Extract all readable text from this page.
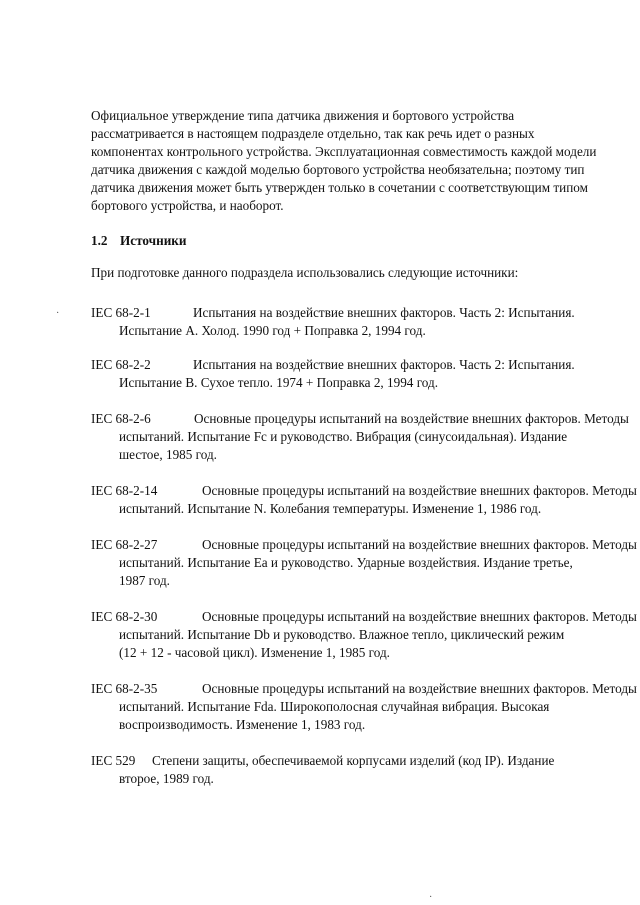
Официальное утверждение типа датчика движения и бортового устройства
рассматривается в настоящем подразделе отдельно, так как речь идет о разных
компонентах контрольного устройства. Эксплуатационная совместимость каждой модели
датчика движения с каждой моделью бортового устройства необязательна; поэтому тип
датчика движения может быть утвержден только в сочетании с соответствующим типом
бортового устройства, и наоборот.

1.2 Источники

При подготовке данного подраздела использовались следующие источники:

IEC 68-2-1	Испытания на воздействие внешних факторов. Часть 2: Испытания.
Испытание A. Холод. 1990 год + Поправка 2, 1994 год.
IEC 68-2-2	Испытания на воздействие внешних факторов. Часть 2: Испытания.
Испытание B. Сухое тепло. 1974 + Поправка 2, 1994 год.
IEC 68-2-6	Основные процедуры испытаний на воздействие внешних факторов. Методы
испытаний. Испытание Fc и руководство. Вибрация (синусоидальная). Издание
шестое, 1985 год.
IEC 68-2-14	Основные процедуры испытаний на воздействие внешних факторов. Методы
испытаний. Испытание N. Колебания температуры. Изменение 1, 1986 год.
IEC 68-2-27	Основные процедуры испытаний на воздействие внешних факторов. Методы
испытаний. Испытание Ea и руководство. Ударные воздействия. Издание третье,
1987 год.
IEC 68-2-30	Основные процедуры испытаний на воздействие внешних факторов. Методы
испытаний. Испытание Db и руководство. Влажное тепло, циклический режим
(12 + 12 - часовой цикл). Изменение 1, 1985 год.
IEC 68-2-35	Основные процедуры испытаний на воздействие внешних факторов. Методы
испытаний. Испытание Fda. Широкополосная случайная вибрация. Высокая
воспроизводимость. Изменение 1, 1983 год.
IEC 529 Степени защиты, обеспечиваемой корпусами изделий (код IP). Издание
второе, 1989 год.
·
·
